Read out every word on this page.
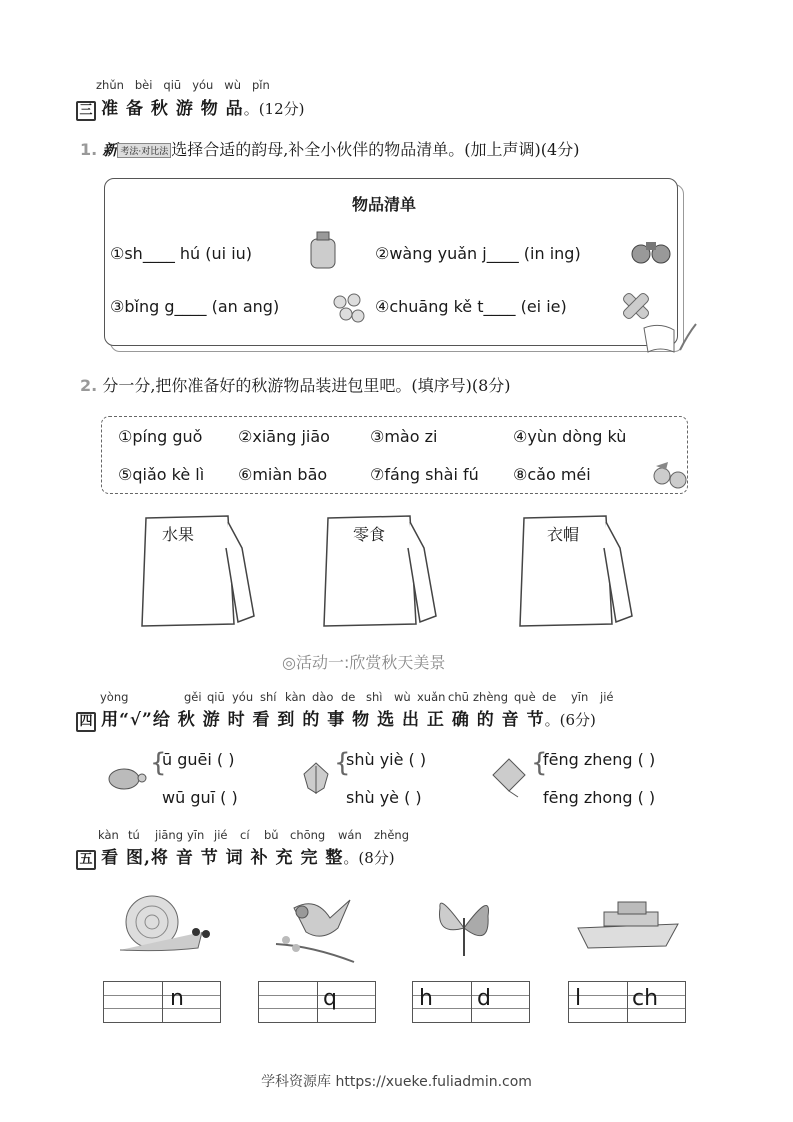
zhǔn bèi qiū yóu wù pǐn
三 准 备 秋 游 物 品。(12分)
1. 新 考法·对比法 选择合适的韵母,补全小伙伴的物品清单。(加上声调)(4分)
物品清单
①sh____ hú (ui iu)	②wàng yuǎn j____ (in ing)
③bǐng g____ (an ang)	④chuāng kě t____ (ei ie)
2. 分一分,把你准备好的秋游物品装进包里吧。(填序号)(8分)
①píng guǒ ②xiāng jiāo	③mào zi	④yùn dòng kù
⑤qiǎo kè lì ⑥miàn bāo	⑦fáng shài fú ⑧cǎo méi
水果	零食	衣帽
◎活动一:欣赏秋天美景
yòng	gěi qiū yóu shí kàn dào de shì wù xuǎn chū zhèng què de yīn jié
四 用“√”给 秋 游 时 看 到 的 事 物 选 出 正 确 的 音 节。(6分)
{
ū guēi ( )
wū guī ( )
{
shù yiè ( )
shù yè ( )
{
fēng zheng ( )
fēng zhong ( )
kàn tú jiāng yīn jié cí bǔ chōng wán zhěng
五 看 图,将 音 节 词 补 充 完 整。(8分)
n	q	h d	l ch
学科资源库 https://xueke.fuliadmin.com
